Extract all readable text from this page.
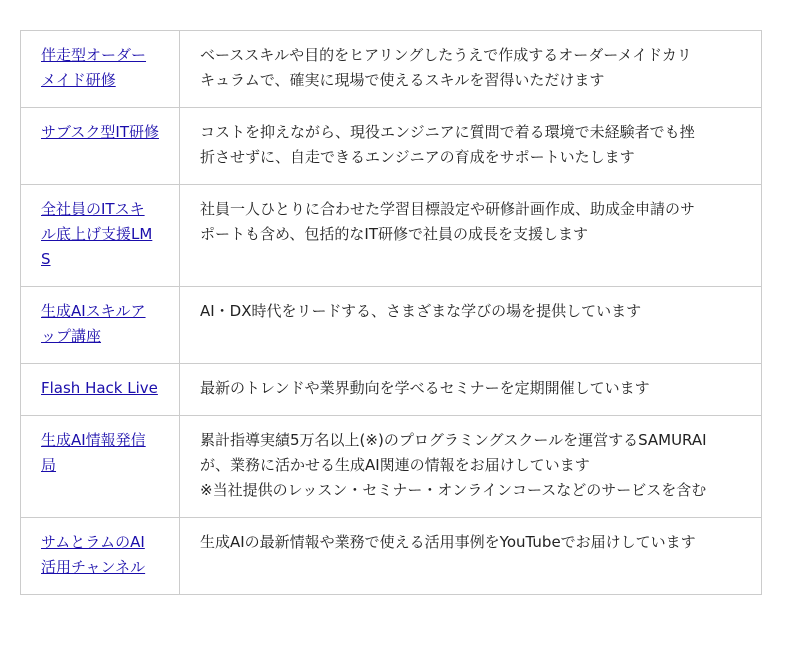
伴走型オーダーメイド研修	ベーススキルや目的をヒアリングしたうえで作成するオーダーメイドカリ
キュラムで、確実に現場で使えるスキルを習得いただけます

サブスク型IT研修	コストを抑えながら、現役エンジニアに質問で着る環境で未経験者でも挫
折させずに、自走できるエンジニアの育成をサポートいたします

全社員のITスキル底上げ支援LMS	社員一人ひとりに合わせた学習目標設定や研修計画作成、助成金申請のサ
ポートも含め、包括的なIT研修で社員の成長を支援します

生成AIスキルアップ講座	AI・DX時代をリードする、さまざまな学びの場を提供しています

Flash Hack Live	最新のトレンドや業界動向を学べるセミナーを定期開催しています

生成AI情報発信局	累計指導実績5万名以上(※)のプログラミングスクールを運営するSAMURAI
が、業務に活かせる生成AI関連の情報をお届けしています
※当社提供のレッスン・セミナー・オンラインコースなどのサービスを含む

サムとラムのAI活用チャンネル	生成AIの最新情報や業務で使える活用事例をYouTubeでお届けしています
